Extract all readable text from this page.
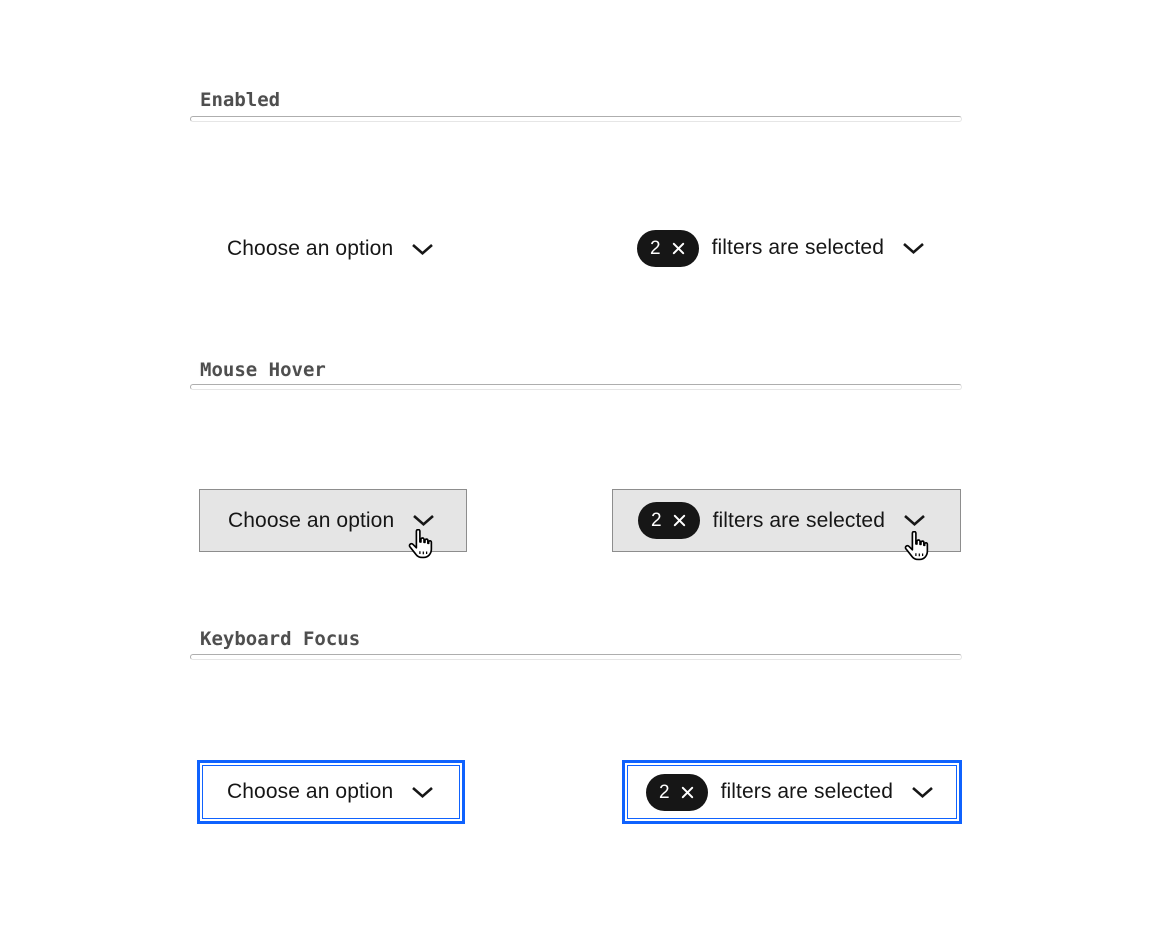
Enabled
Choose an option	2 filters are selected
Mouse Hover
Choose an option	2 filters are selected
Keyboard Focus
Choose an option	2 filters are selected
